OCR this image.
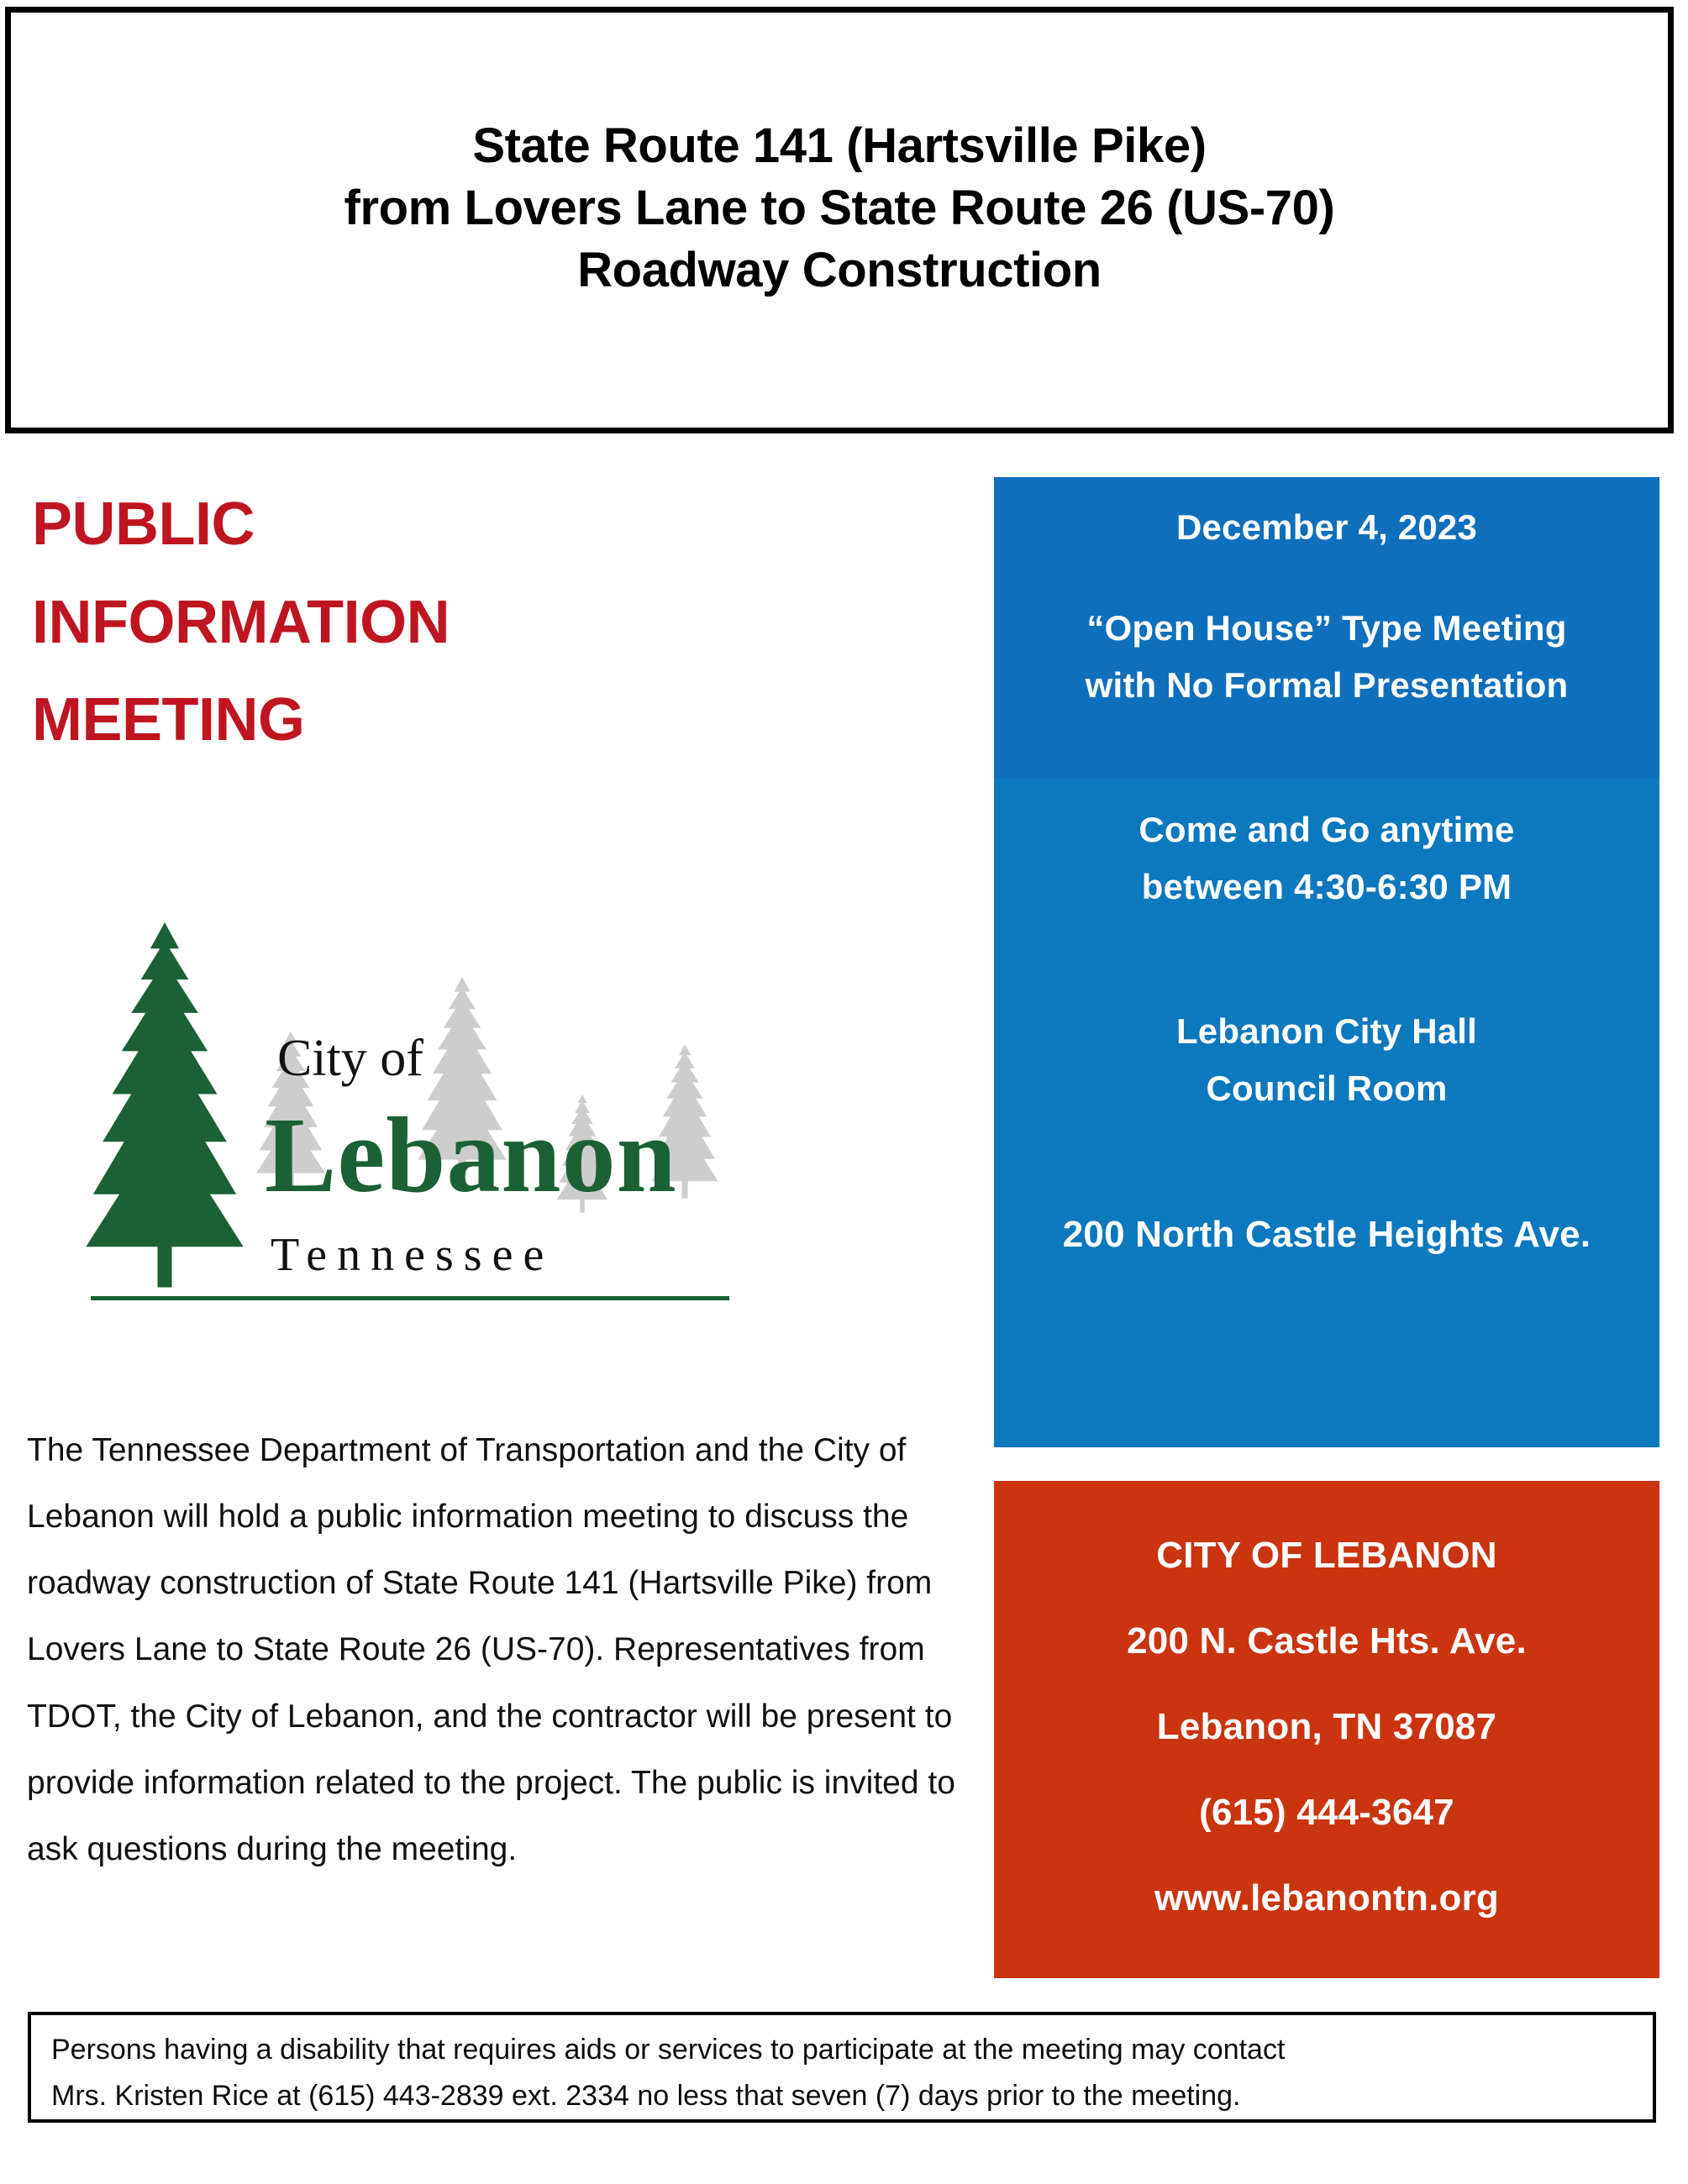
State Route 141 (Hartsville Pike)
from Lovers Lane to State Route 26 (US-70)
Roadway Construction
PUBLIC
INFORMATION
MEETING
City of
Lebanon
Tennessee

The Tennessee Department of Transportation and the City of Lebanon will hold a public information meeting to discuss the roadway construction of State Route 141 (Hartsville Pike) from Lovers Lane to State Route 26 (US-70). Representatives from TDOT, the City of Lebanon, and the contractor will be present to provide information related to the project. The public is invited to ask questions during the meeting.

December 4, 2023
“Open House” Type Meeting
with No Formal Presentation
Come and Go anytime
between 4:30-6:30 PM
Lebanon City Hall
Council Room
200 North Castle Heights Ave.
CITY OF LEBANON
200 N. Castle Hts. Ave.
Lebanon, TN 37087
(615) 444-3647
www.lebanontn.org
Persons having a disability that requires aids or services to participate at the meeting may contact
Mrs. Kristen Rice at (615) 443-2839 ext. 2334 no less that seven (7) days prior to the meeting.
